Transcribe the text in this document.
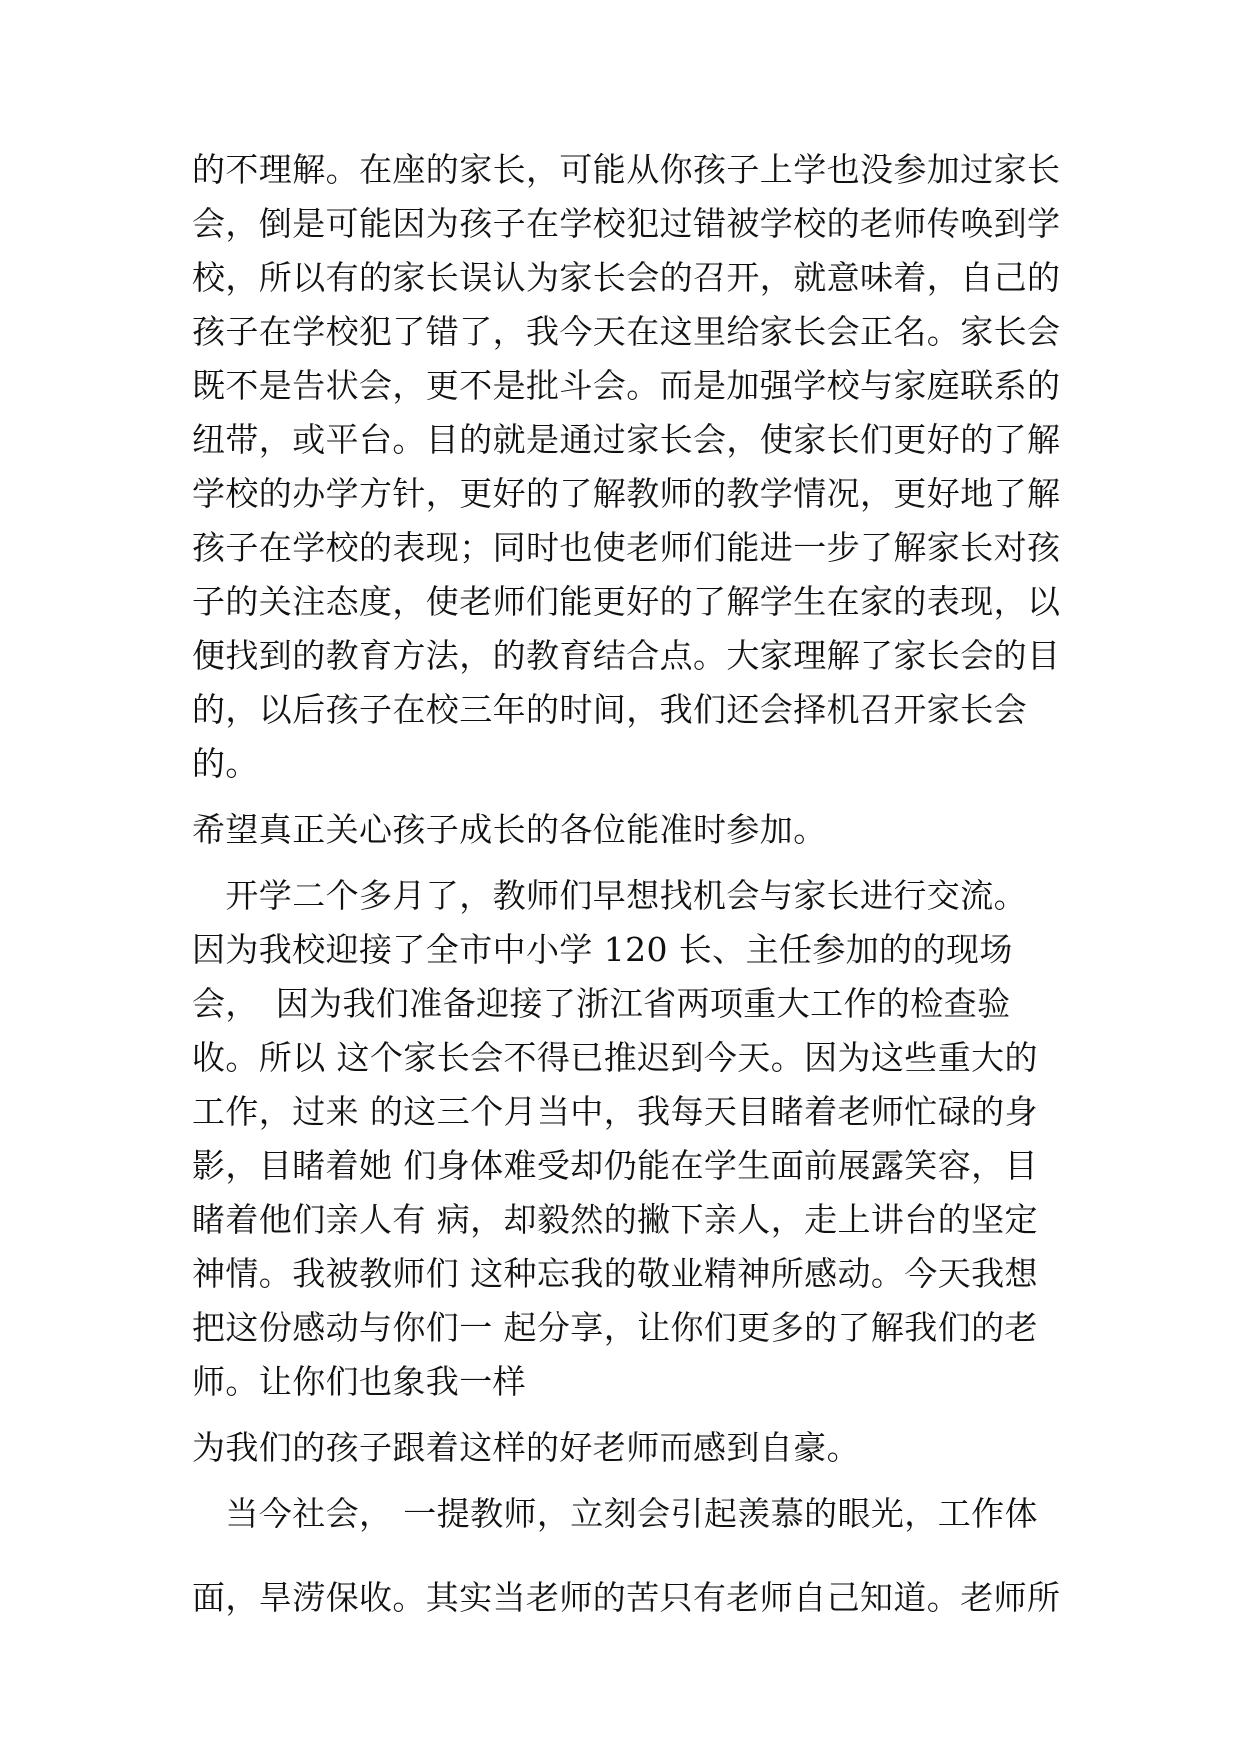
的不理解。在座的家长，可能从你孩子上学也没参加过家长
会，倒是可能因为孩子在学校犯过错被学校的老师传唤到学
校，所以有的家长误认为家长会的召开，就意味着，自己的
孩子在学校犯了错了，我今天在这里给家长会正名。家长会
既不是告状会，更不是批斗会。而是加强学校与家庭联系的
纽带，或平台。目的就是通过家长会，使家长们更好的了解
学校的办学方针，更好的了解教师的教学情况，更好地了解
孩子在学校的表现；同时也使老师们能进一步了解家长对孩
子的关注态度，使老师们能更好的了解学生在家的表现，以
便找到的教育方法，的教育结合点。大家理解了家长会的目
的，以后孩子在校三年的时间，我们还会择机召开家长会
的。
希望真正关心孩子成长的各位能准时参加。
　开学二个多月了，教师们早想找机会与家长进行交流。
因为我校迎接了全市中小学 120 长、主任参加的的现场
会，　因为我们准备迎接了浙江省两项重大工作的检查验
收。所以 这个家长会不得已推迟到今天。因为这些重大的
工作，过来 的这三个月当中，我每天目睹着老师忙碌的身
影，目睹着她 们身体难受却仍能在学生面前展露笑容，目
睹着他们亲人有 病，却毅然的撇下亲人，走上讲台的坚定
神情。我被教师们 这种忘我的敬业精神所感动。今天我想
把这份感动与你们一 起分享，让你们更多的了解我们的老
师。让你们也象我一样
为我们的孩子跟着这样的好老师而感到自豪。
　当今社会， 一提教师，立刻会引起羡慕的眼光，工作体
面，旱涝保收。其实当老师的苦只有老师自己知道。老师所
